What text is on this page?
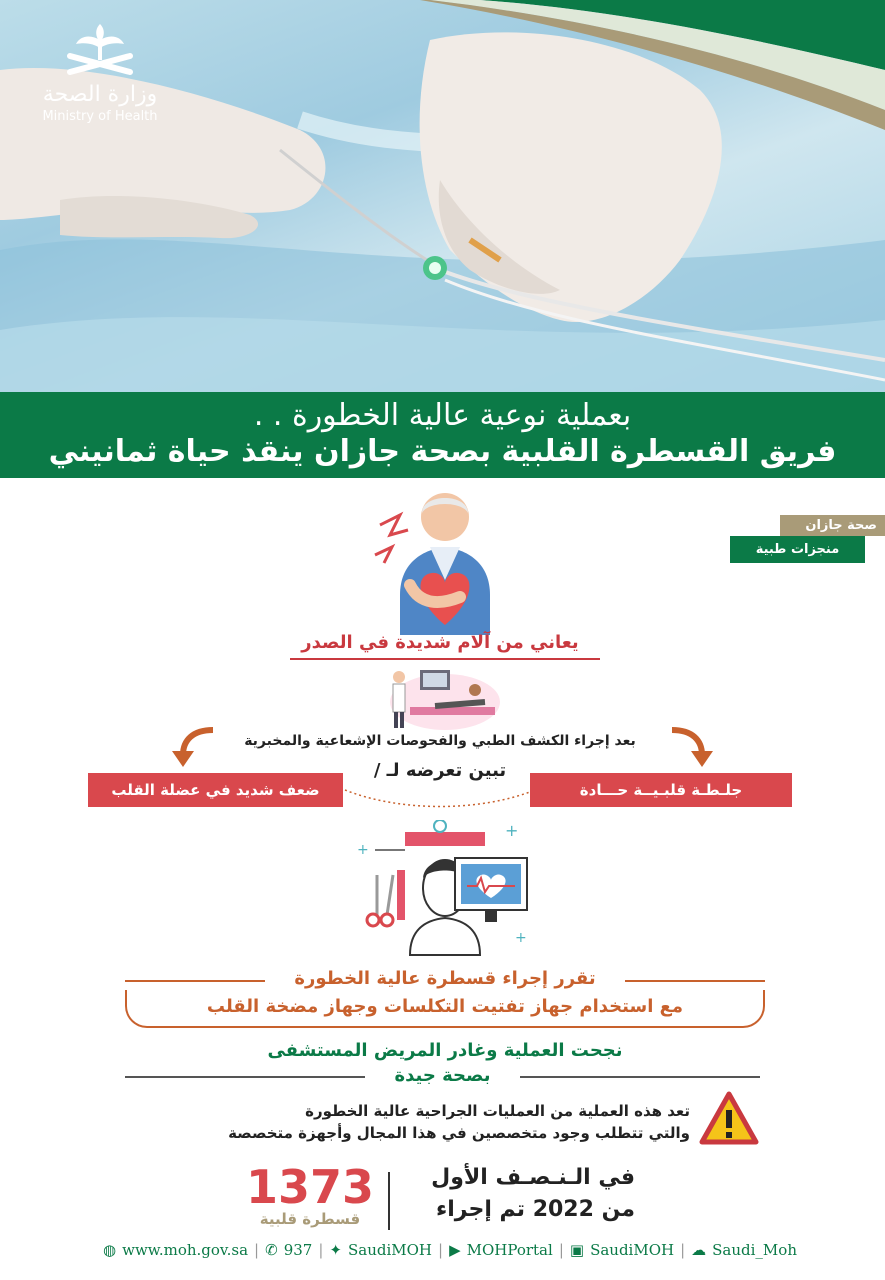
وزارة الصحة
Ministry of Health
بعملية نوعية عالية الخطورة . .
فريق القسطرة القلبية بصحة جازان ينقذ حياة ثمانيني
صحة جازان
منجزات طبية
يعاني من آلام شديدة في الصدر
بعد إجراء الكشف الطبي والفحوصات الإشعاعية والمخبرية
تبين تعرضه لـ /
ضعف شديد في عضلة القلب	جلـطـة قلبـيــة حـــادة
+
+
+
تقرر إجراء قسطرة عالية الخطورة
مع استخدام جهاز تفتيت التكلسات وجهاز مضخة القلب
نجحت العملية وغادر المريض المستشفى
بصحة جيدة
تعد هذه العملية من العمليات الجراحية عالية الخطورة
والتي تتطلب وجود متخصصين في هذا المجال وأجهزة متخصصة
1373
قسطرة قلبية
في الـنـصـف الأول
من 2022 تم إجراء
◍ www.moh.gov.sa | ✆ 937 | ✦ SaudiMOH | ▶ MOHPortal | ▣ SaudiMOH | ☁ Saudi_Moh
